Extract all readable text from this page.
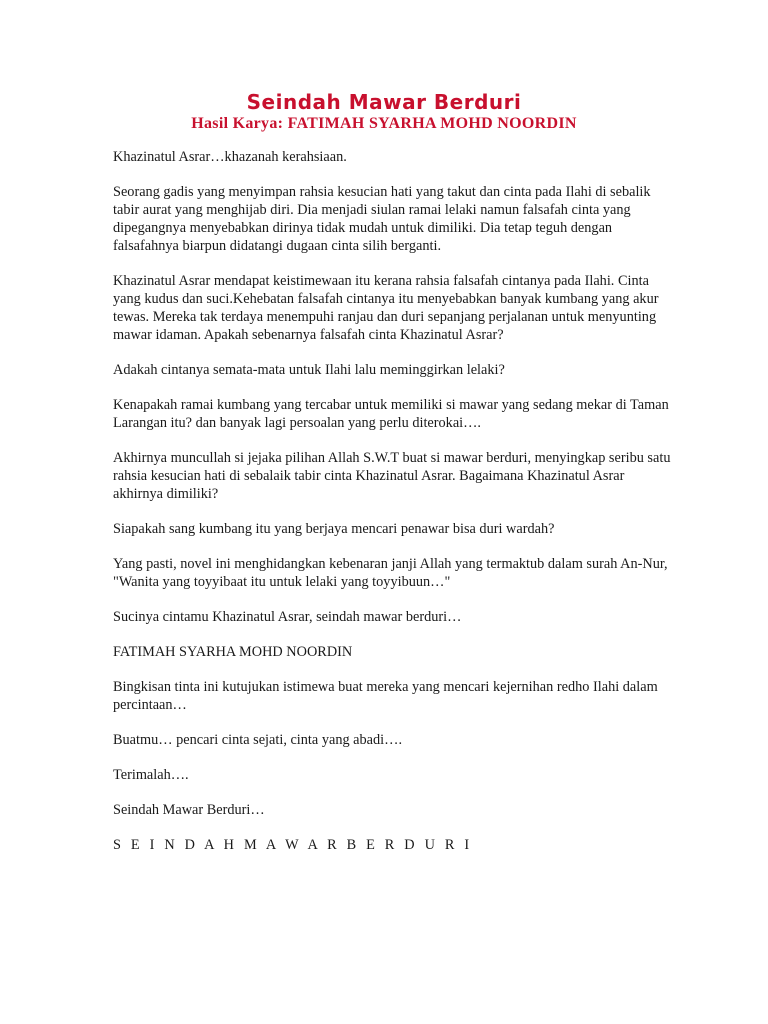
Seindah Mawar Berduri
Hasil Karya: FATIMAH SYARHA MOHD NOORDIN

Khazinatul Asrar…khazanah kerahsiaan.

Seorang gadis yang menyimpan rahsia kesucian hati yang takut dan cinta pada Ilahi di sebalik tabir aurat yang menghijab diri. Dia menjadi siulan ramai lelaki namun falsafah cinta yang dipegangnya menyebabkan dirinya tidak mudah untuk dimiliki. Dia tetap teguh dengan falsafahnya biarpun didatangi dugaan cinta silih berganti.

Khazinatul Asrar mendapat keistimewaan itu kerana rahsia falsafah cintanya pada Ilahi. Cinta yang kudus dan suci.Kehebatan falsafah cintanya itu menyebabkan banyak kumbang yang akur tewas. Mereka tak terdaya menempuhi ranjau dan duri sepanjang perjalanan untuk menyunting mawar idaman. Apakah sebenarnya falsafah cinta Khazinatul Asrar?

Adakah cintanya semata-mata untuk Ilahi lalu meminggirkan lelaki?

Kenapakah ramai kumbang yang tercabar untuk memiliki si mawar yang sedang mekar di Taman Larangan itu? dan banyak lagi persoalan yang perlu diterokai….

Akhirnya muncullah si jejaka pilihan Allah S.W.T buat si mawar berduri, menyingkap seribu satu rahsia kesucian hati di sebalaik tabir cinta Khazinatul Asrar. Bagaimana Khazinatul Asrar akhirnya dimiliki?

Siapakah sang kumbang itu yang berjaya mencari penawar bisa duri wardah?

Yang pasti, novel ini menghidangkan kebenaran janji Allah yang termaktub dalam surah An-Nur, "Wanita yang toyyibaat itu untuk lelaki yang toyyibuun…"

Sucinya cintamu Khazinatul Asrar, seindah mawar berduri…

FATIMAH SYARHA MOHD NOORDIN

Bingkisan tinta ini kutujukan istimewa buat mereka yang mencari kejernihan redho Ilahi dalam percintaan…

Buatmu… pencari cinta sejati, cinta yang abadi….

Terimalah….

Seindah Mawar Berduri…

S E I N D A H M A W A R B E R D U R I
